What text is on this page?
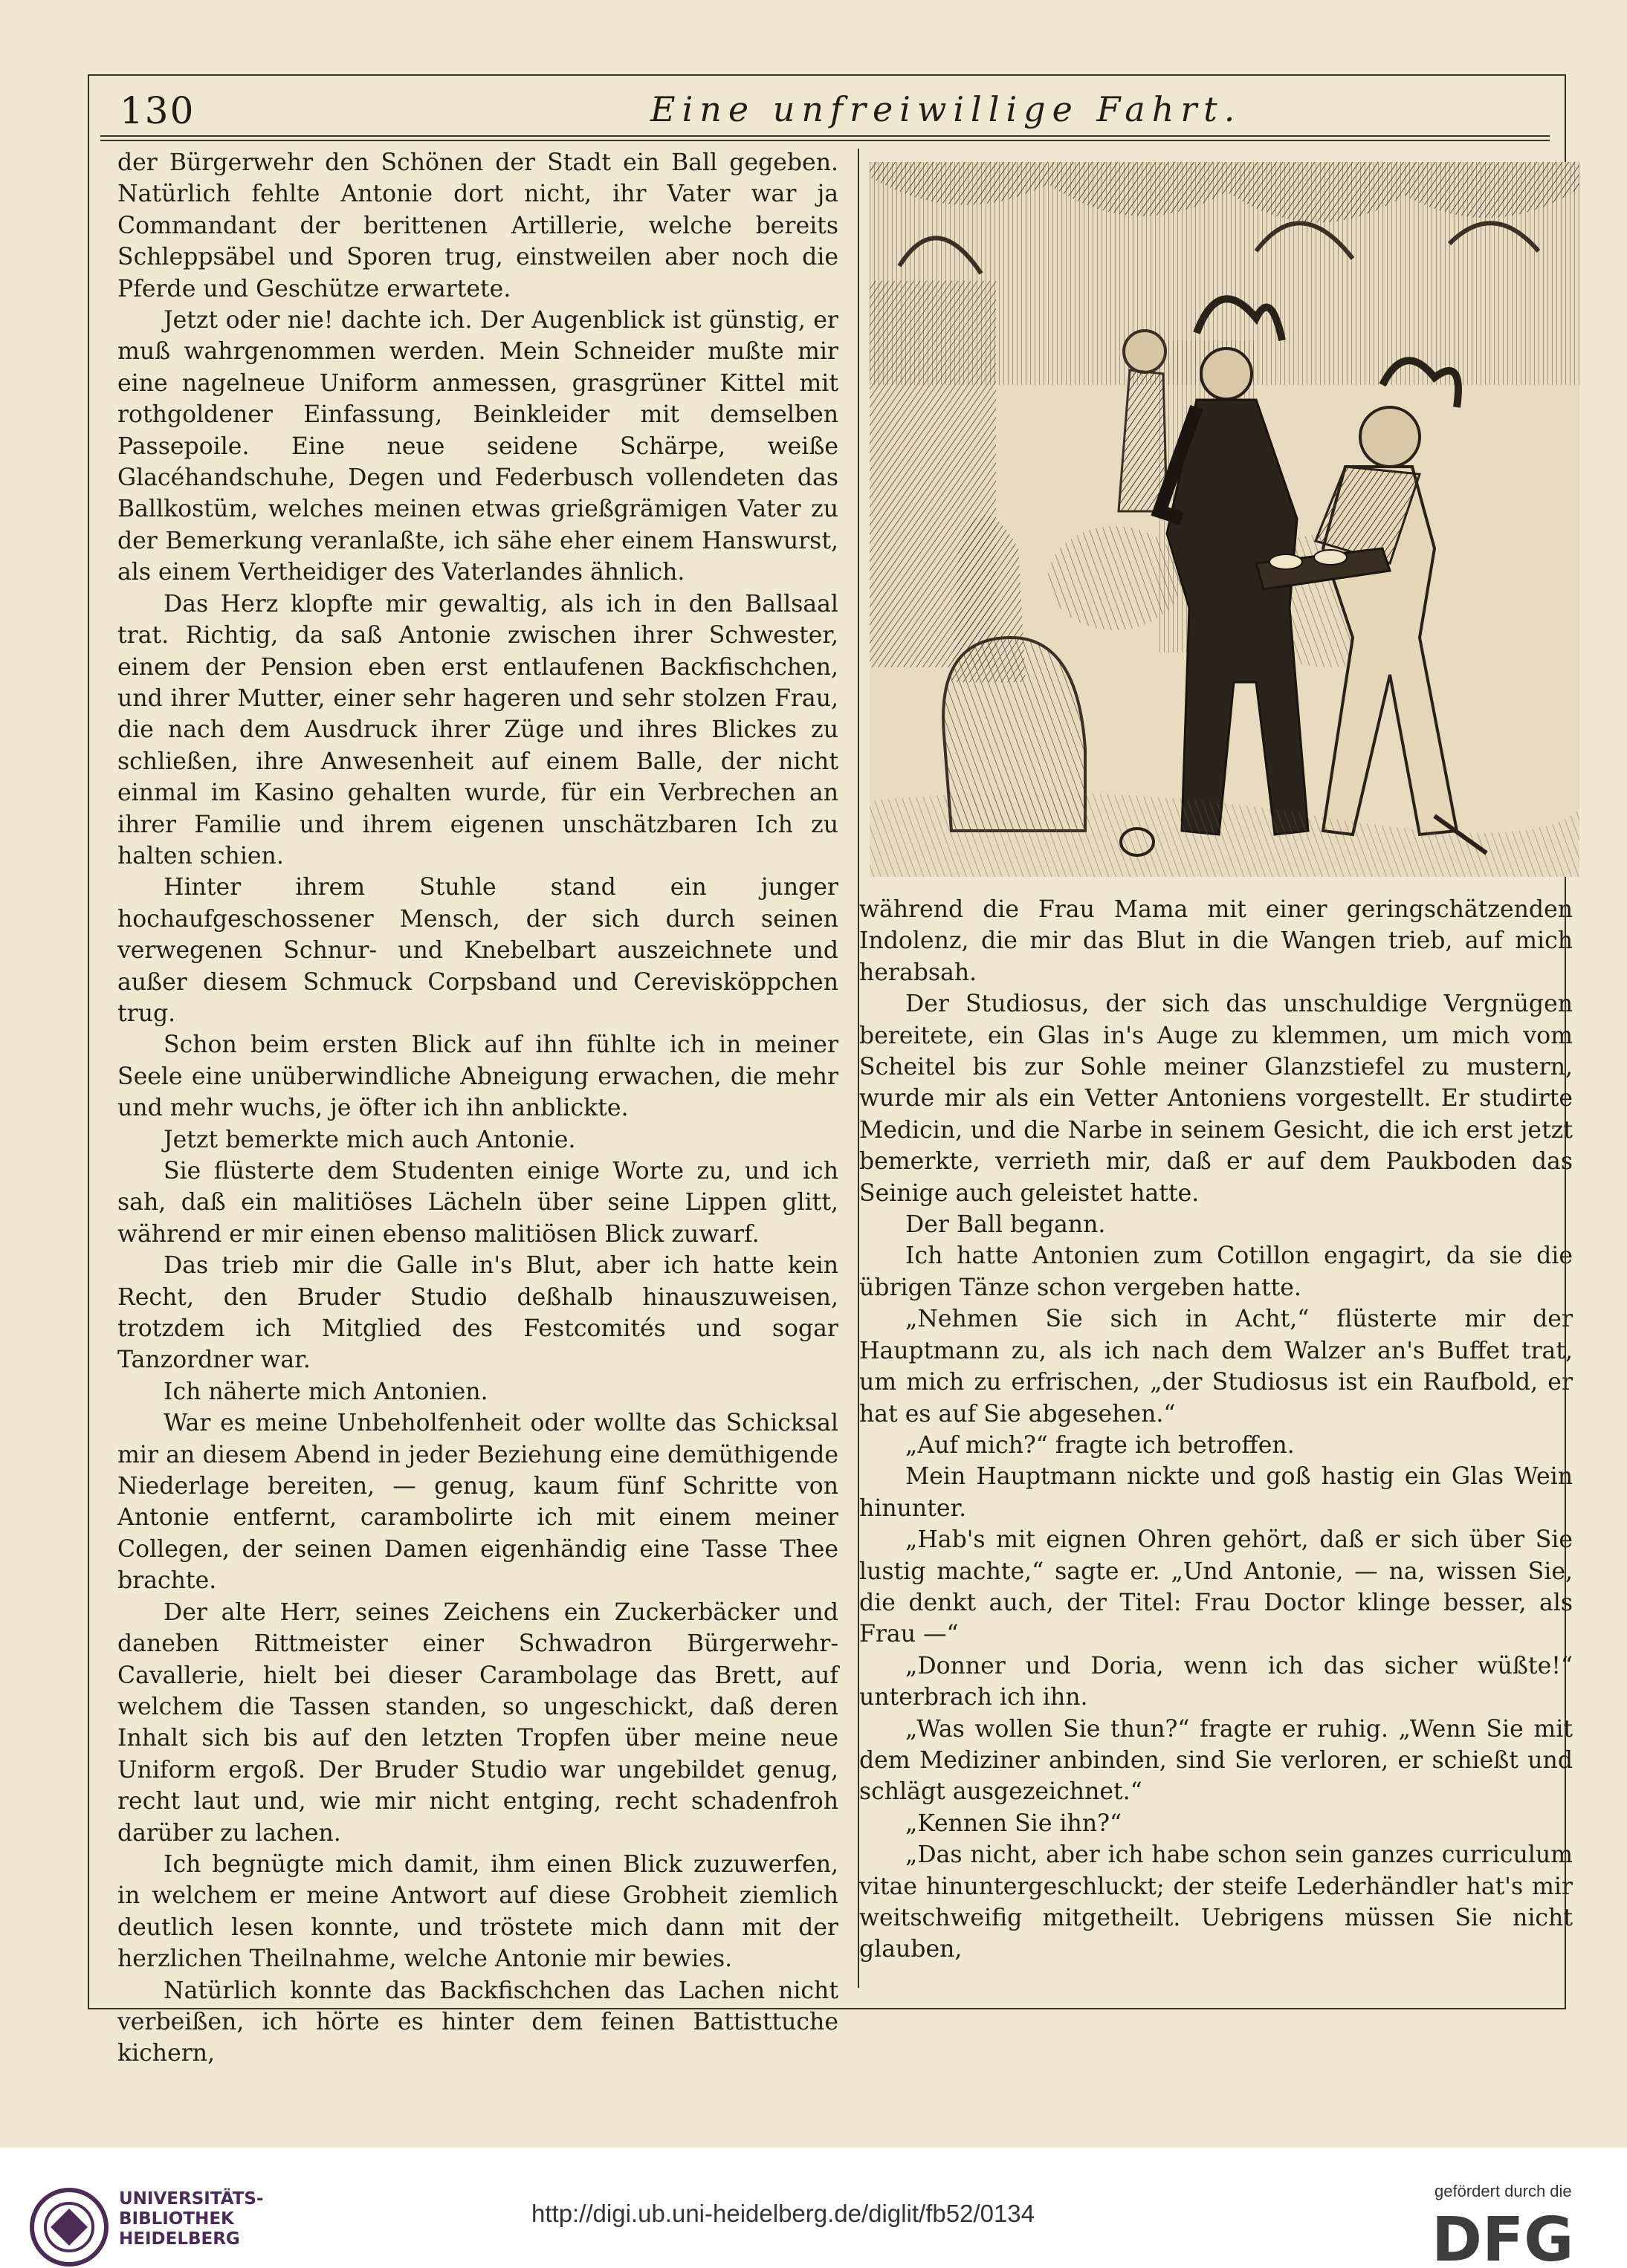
130	Eine unfreiwillige Fahrt.

der Bürgerwehr den Schönen der Stadt ein Ball gegeben. Natürlich fehlte Antonie dort nicht, ihr Vater war ja Commandant der berittenen Artillerie, welche bereits Schleppsäbel und Sporen trug, einstweilen aber noch die Pferde und Geschütze erwartete.

Jetzt oder nie! dachte ich. Der Augenblick ist günstig, er muß wahrgenommen werden. Mein Schneider mußte mir eine nagelneue Uniform anmessen, grasgrüner Kittel mit rothgoldener Einfassung, Beinkleider mit demselben Passepoile. Eine neue seidene Schärpe, weiße Glacéhandschuhe, Degen und Federbusch vollendeten das Ballkostüm, welches meinen etwas grießgrämigen Vater zu der Bemerkung veranlaßte, ich sähe eher einem Hanswurst, als einem Vertheidiger des Vaterlandes ähnlich.

Das Herz klopfte mir gewaltig, als ich in den Ballsaal trat. Richtig, da saß Antonie zwischen ihrer Schwester, einem der Pension eben erst entlaufenen Backfischchen, und ihrer Mutter, einer sehr hageren und sehr stolzen Frau, die nach dem Ausdruck ihrer Züge und ihres Blickes zu schließen, ihre Anwesenheit auf einem Balle, der nicht einmal im Kasino gehalten wurde, für ein Verbrechen an ihrer Familie und ihrem eigenen unschätzbaren Ich zu halten schien.

Hinter ihrem Stuhle stand ein junger hochaufgeschossener Mensch, der sich durch seinen verwegenen Schnur- und Knebelbart auszeichnete und außer diesem Schmuck Corpsband und Cerevisköppchen trug.

Schon beim ersten Blick auf ihn fühlte ich in meiner Seele eine unüberwindliche Abneigung erwachen, die mehr und mehr wuchs, je öfter ich ihn anblickte.

Jetzt bemerkte mich auch Antonie.

Sie flüsterte dem Studenten einige Worte zu, und ich sah, daß ein malitiöses Lächeln über seine Lippen glitt, während er mir einen ebenso malitiösen Blick zuwarf.

Das trieb mir die Galle in's Blut, aber ich hatte kein Recht, den Bruder Studio deßhalb hinauszuweisen, trotzdem ich Mitglied des Festcomités und sogar Tanzordner war.

Ich näherte mich Antonien.

War es meine Unbeholfenheit oder wollte das Schicksal mir an diesem Abend in jeder Beziehung eine demüthigende Niederlage bereiten, — genug, kaum fünf Schritte von Antonie entfernt, carambolirte ich mit einem meiner Collegen, der seinen Damen eigenhändig eine Tasse Thee brachte.

Der alte Herr, seines Zeichens ein Zuckerbäcker und daneben Rittmeister einer Schwadron Bürgerwehr-Cavallerie, hielt bei dieser Carambolage das Brett, auf welchem die Tassen standen, so ungeschickt, daß deren Inhalt sich bis auf den letzten Tropfen über meine neue Uniform ergoß. Der Bruder Studio war ungebildet genug, recht laut und, wie mir nicht entging, recht schadenfroh darüber zu lachen.

Ich begnügte mich damit, ihm einen Blick zuzuwerfen, in welchem er meine Antwort auf diese Grobheit ziemlich deutlich lesen konnte, und tröstete mich dann mit der herzlichen Theilnahme, welche Antonie mir bewies.

Natürlich konnte das Backfischchen das Lachen nicht verbeißen, ich hörte es hinter dem feinen Battisttuche kichern,

während die Frau Mama mit einer geringschätzenden Indolenz, die mir das Blut in die Wangen trieb, auf mich herabsah.

Der Studiosus, der sich das unschuldige Vergnügen bereitete, ein Glas in's Auge zu klemmen, um mich vom Scheitel bis zur Sohle meiner Glanzstiefel zu mustern, wurde mir als ein Vetter Antoniens vorgestellt. Er studirte Medicin, und die Narbe in seinem Gesicht, die ich erst jetzt bemerkte, verrieth mir, daß er auf dem Paukboden das Seinige auch geleistet hatte.

Der Ball begann.

Ich hatte Antonien zum Cotillon engagirt, da sie die übrigen Tänze schon vergeben hatte.

„Nehmen Sie sich in Acht,“ flüsterte mir der Hauptmann zu, als ich nach dem Walzer an's Buffet trat, um mich zu erfrischen, „der Studiosus ist ein Raufbold, er hat es auf Sie abgesehen.“

„Auf mich?“ fragte ich betroffen.

Mein Hauptmann nickte und goß hastig ein Glas Wein hinunter.

„Hab's mit eignen Ohren gehört, daß er sich über Sie lustig machte,“ sagte er. „Und Antonie, — na, wissen Sie, die denkt auch, der Titel: Frau Doctor klinge besser, als Frau —“

„Donner und Doria, wenn ich das sicher wüßte!“ unterbrach ich ihn.

„Was wollen Sie thun?“ fragte er ruhig. „Wenn Sie mit dem Mediziner anbinden, sind Sie verloren, er schießt und schlägt ausgezeichnet.“

„Kennen Sie ihn?“

„Das nicht, aber ich habe schon sein ganzes curriculum vitae hinuntergeschluckt; der steife Lederhändler hat's mir weitschweifig mitgetheilt. Uebrigens müssen Sie nicht glauben,

UNIVERSITÄTS-
BIBLIOTHEK
HEIDELBERG
http://digi.ub.uni-heidelberg.de/diglit/fb52/0134
gefördert durch die
DFG
